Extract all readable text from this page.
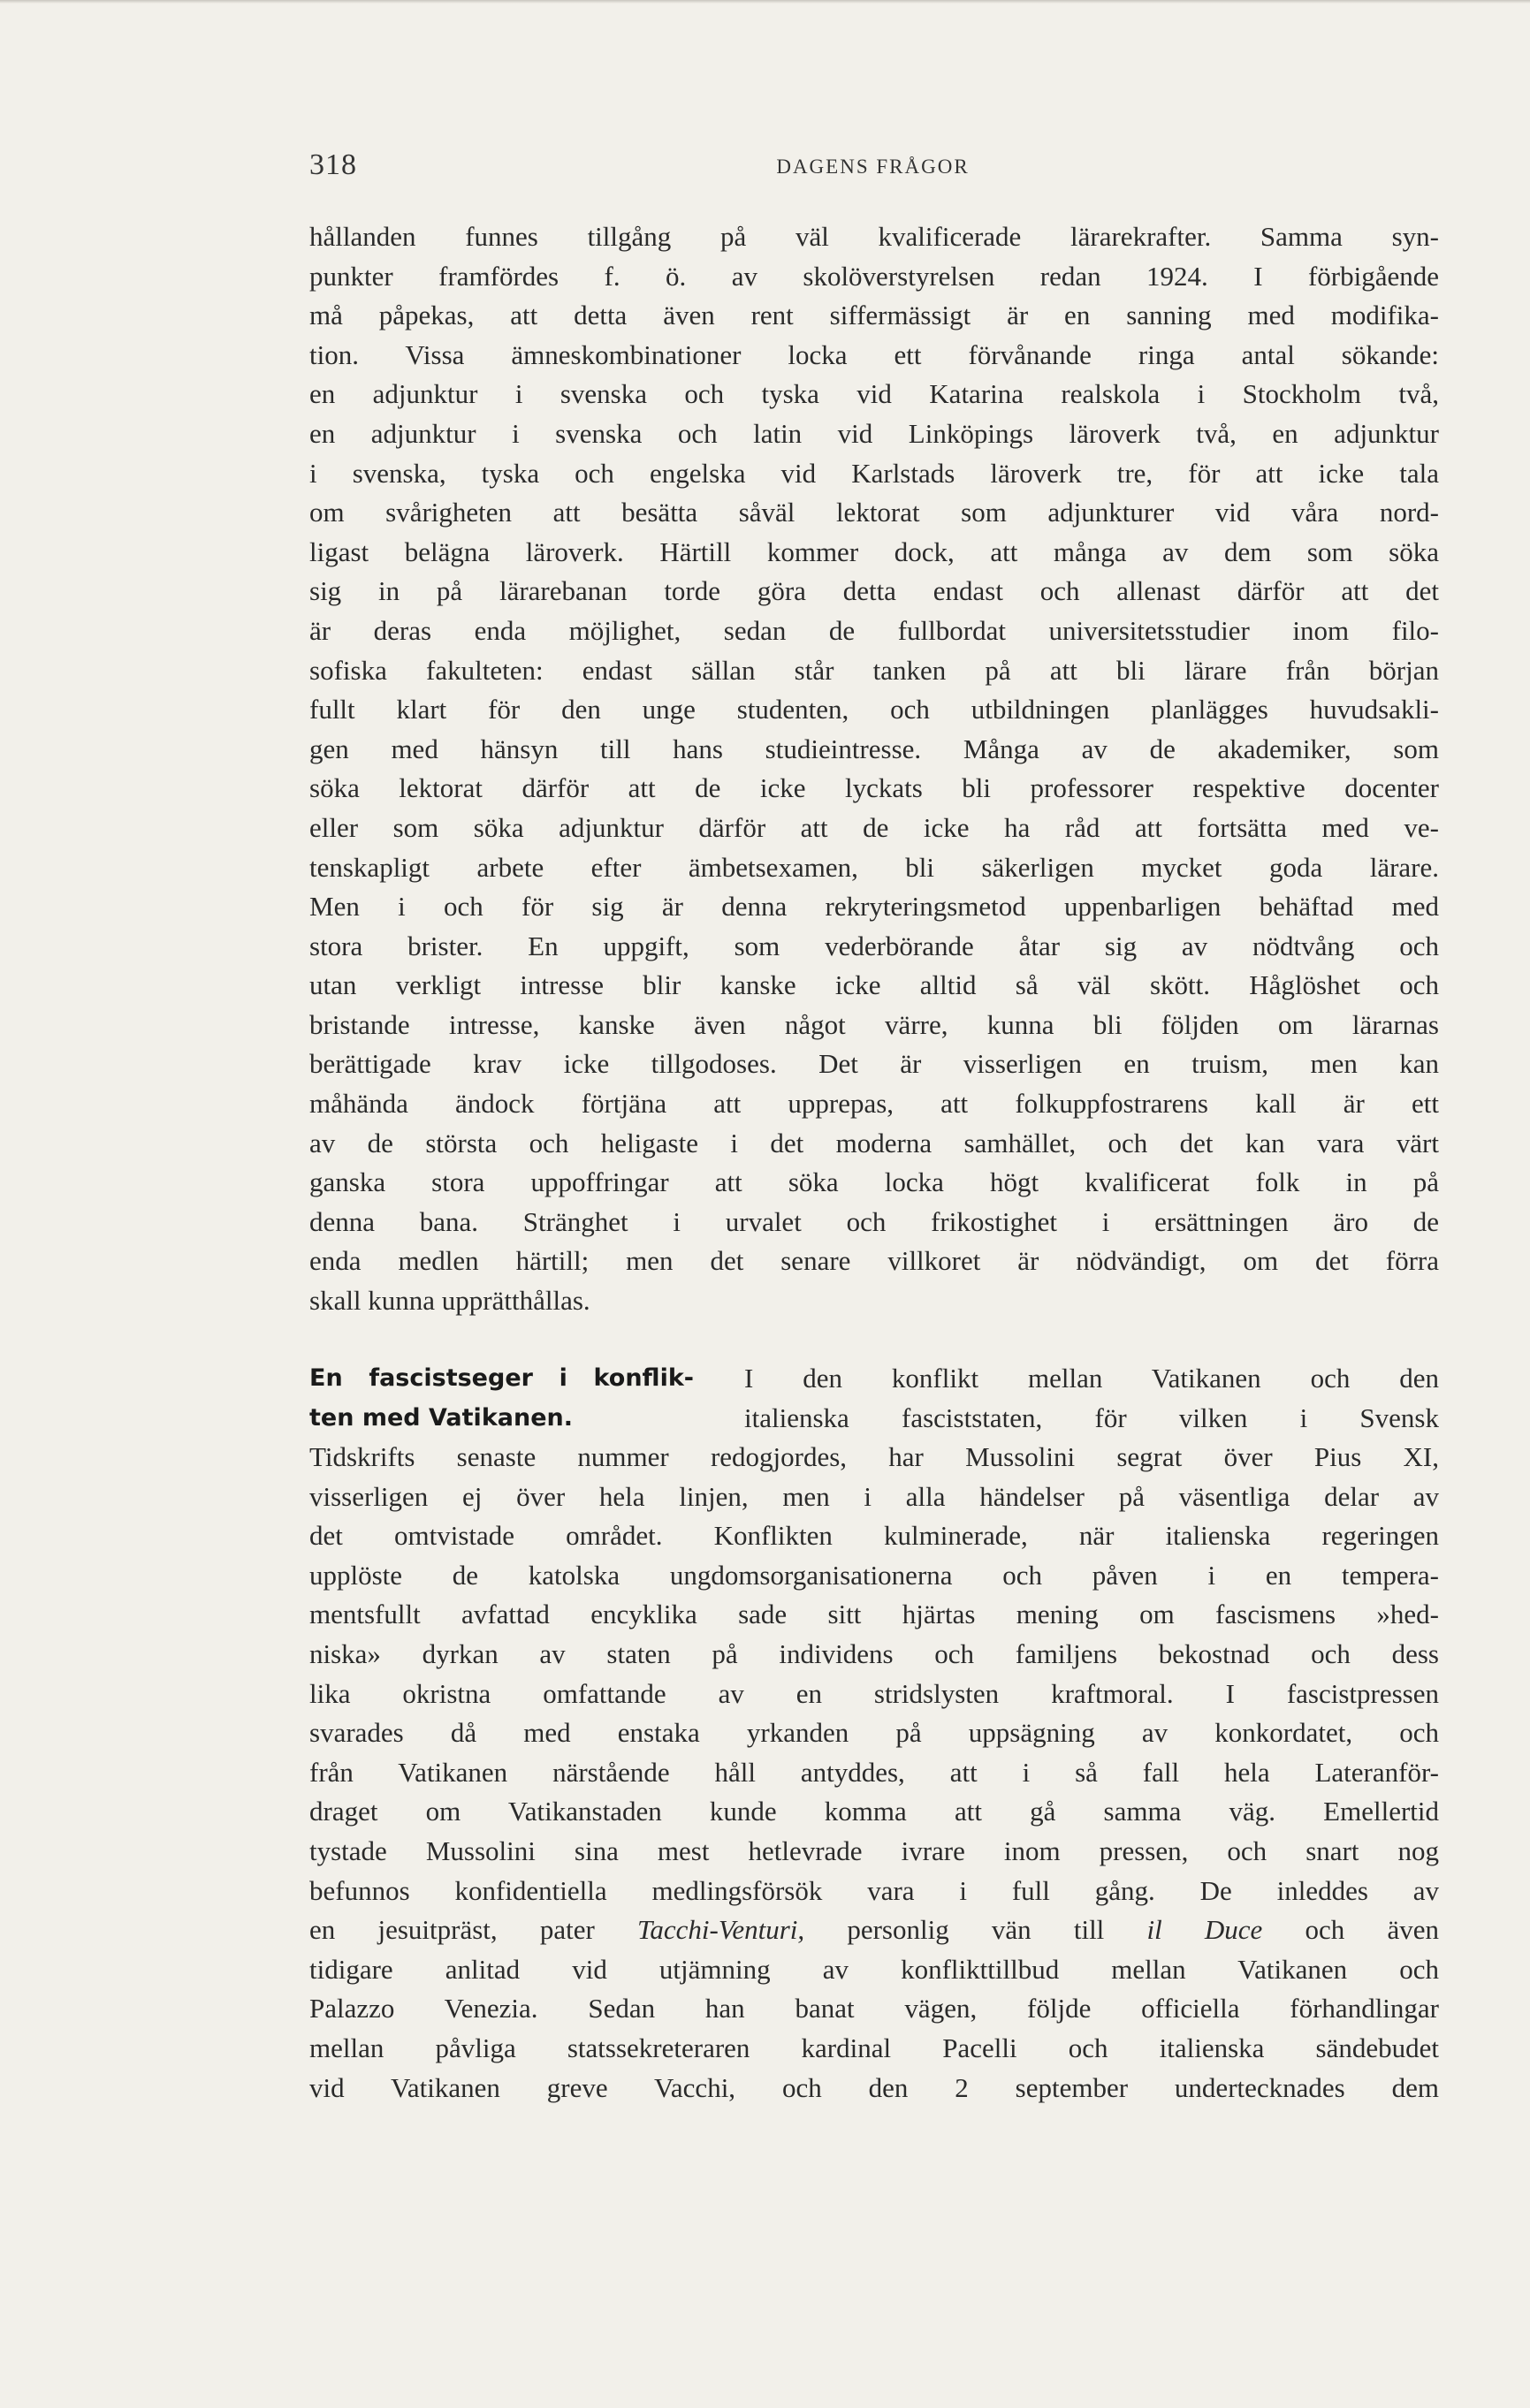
318	DAGENS FRÅGOR
hållanden funnes tillgång på väl kvalificerade lärarekrafter. Samma syn-
punkter framfördes f. ö. av skolöverstyrelsen redan 1924. I förbigående
må påpekas, att detta även rent siffermässigt är en sanning med modifika-
tion. Vissa ämneskombinationer locka ett förvånande ringa antal sökande:
en adjunktur i svenska och tyska vid Katarina realskola i Stockholm två,
en adjunktur i svenska och latin vid Linköpings läroverk två, en adjunktur
i svenska, tyska och engelska vid Karlstads läroverk tre, för att icke tala
om svårigheten att besätta såväl lektorat som adjunkturer vid våra nord-
ligast belägna läroverk. Härtill kommer dock, att många av dem som söka
sig in på lärarebanan torde göra detta endast och allenast därför att det
är deras enda möjlighet, sedan de fullbordat universitetsstudier inom filo-
sofiska fakulteten: endast sällan står tanken på att bli lärare från början
fullt klart för den unge studenten, och utbildningen planlägges huvudsakli-
gen med hänsyn till hans studieintresse. Många av de akademiker, som
söka lektorat därför att de icke lyckats bli professorer respektive docenter
eller som söka adjunktur därför att de icke ha råd att fortsätta med ve-
tenskapligt arbete efter ämbetsexamen, bli säkerligen mycket goda lärare.
Men i och för sig är denna rekryteringsmetod uppenbarligen behäftad med
stora brister. En uppgift, som vederbörande åtar sig av nödtvång och
utan verkligt intresse blir kanske icke alltid så väl skött. Håglöshet och
bristande intresse, kanske även något värre, kunna bli följden om lärarnas
berättigade krav icke tillgodoses. Det är visserligen en truism, men kan
måhända ändock förtjäna att upprepas, att folkuppfostrarens kall är ett
av de största och heligaste i det moderna samhället, och det kan vara värt
ganska stora uppoffringar att söka locka högt kvalificerat folk in på
denna bana. Stränghet i urvalet och frikostighet i ersättningen äro de
enda medlen härtill; men det senare villkoret är nödvändigt, om det förra
skall kunna upprätthållas.
En fascistseger i konflik-
ten med Vatikanen.
I den konflikt mellan Vatikanen och den
italienska fasciststaten, för vilken i Svensk
Tidskrifts senaste nummer redogjordes, har Mussolini segrat över Pius XI,
visserligen ej över hela linjen, men i alla händelser på väsentliga delar av
det omtvistade området. Konflikten kulminerade, när italienska regeringen
upplöste de katolska ungdomsorganisationerna och påven i en tempera-
mentsfullt avfattad encyklika sade sitt hjärtas mening om fascismens »hed-
niska» dyrkan av staten på individens och familjens bekostnad och dess
lika okristna omfattande av en stridslysten kraftmoral. I fascistpressen
svarades då med enstaka yrkanden på uppsägning av konkordatet, och
från Vatikanen närstående håll antyddes, att i så fall hela Lateranför-
draget om Vatikanstaden kunde komma att gå samma väg. Emellertid
tystade Mussolini sina mest hetlevrade ivrare inom pressen, och snart nog
befunnos konfidentiella medlingsförsök vara i full gång. De inleddes av
en jesuitpräst, pater Tacchi-Venturi, personlig vän till il Duce och även
tidigare anlitad vid utjämning av konflikttillbud mellan Vatikanen och
Palazzo Venezia. Sedan han banat vägen, följde officiella förhandlingar
mellan påvliga statssekreteraren kardinal Pacelli och italienska sändebudet
vid Vatikanen greve Vacchi, och den 2 september undertecknades dem
